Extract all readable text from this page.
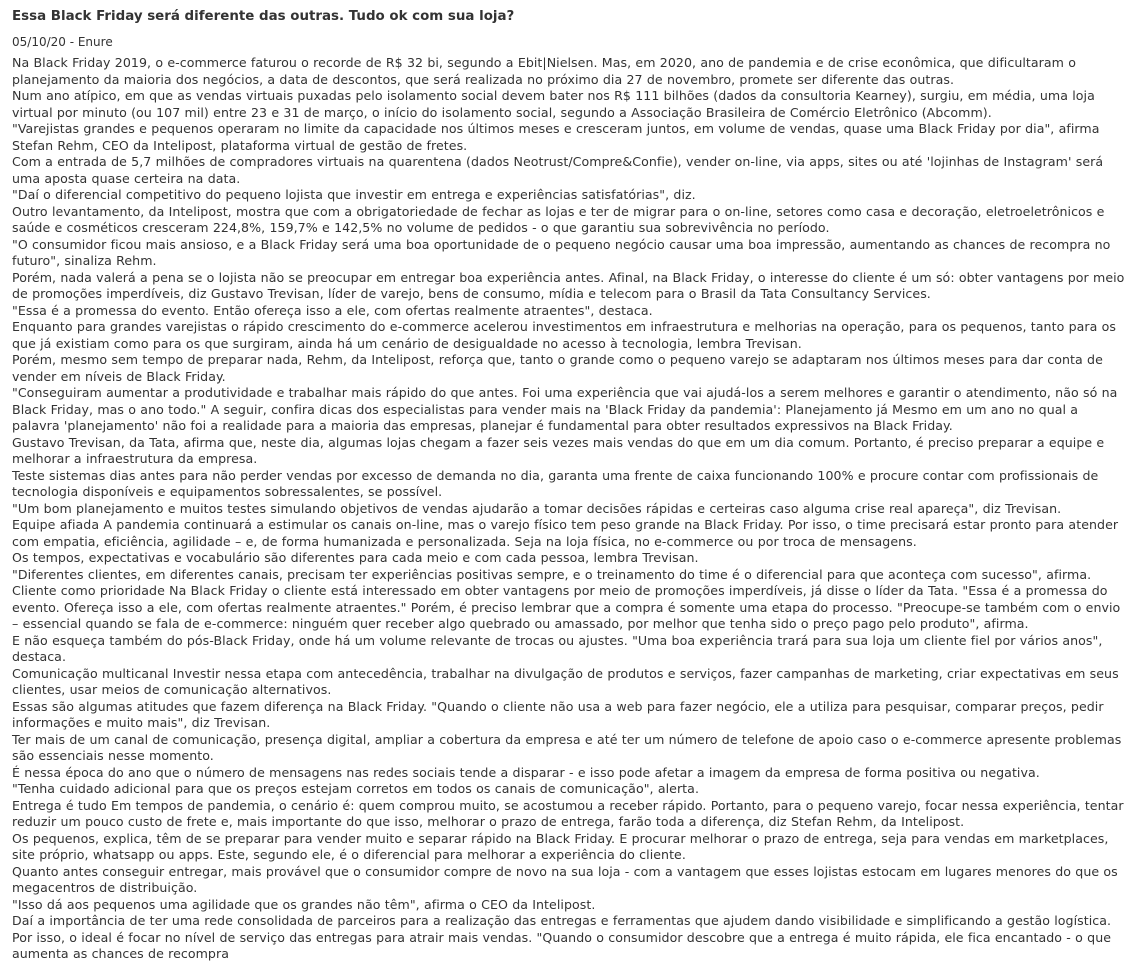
Essa Black Friday será diferente das outras. Tudo ok com sua loja?
05/10/20 - Enure

Na Black Friday 2019, o e-commerce faturou o recorde de R$ 32 bi, segundo a Ebit|Nielsen. Mas, em 2020, ano de pandemia e de crise econômica, que dificultaram o planejamento da maioria dos negócios, a data de descontos, que será realizada no próximo dia 27 de novembro, promete ser diferente das outras.

Num ano atípico, em que as vendas virtuais puxadas pelo isolamento social devem bater nos R$ 111 bilhões (dados da consultoria Kearney), surgiu, em média, uma loja virtual por minuto (ou 107 mil) entre 23 e 31 de março, o início do isolamento social, segundo a Associação Brasileira de Comércio Eletrônico (Abcomm).

"Varejistas grandes e pequenos operaram no limite da capacidade nos últimos meses e cresceram juntos, em volume de vendas, quase uma Black Friday por dia", afirma Stefan Rehm, CEO da Intelipost, plataforma virtual de gestão de fretes.

Com a entrada de 5,7 milhões de compradores virtuais na quarentena (dados Neotrust/Compre&Confie), vender on-line, via apps, sites ou até 'lojinhas de Instagram' será uma aposta quase certeira na data.

"Daí o diferencial competitivo do pequeno lojista que investir em entrega e experiências satisfatórias", diz.

Outro levantamento, da Intelipost, mostra que com a obrigatoriedade de fechar as lojas e ter de migrar para o on-line, setores como casa e decoração, eletroeletrônicos e saúde e cosméticos cresceram 224,8%, 159,7% e 142,5% no volume de pedidos - o que garantiu sua sobrevivência no período.

"O consumidor ficou mais ansioso, e a Black Friday será uma boa oportunidade de o pequeno negócio causar uma boa impressão, aumentando as chances de recompra no futuro", sinaliza Rehm.

Porém, nada valerá a pena se o lojista não se preocupar em entregar boa experiência antes. Afinal, na Black Friday, o interesse do cliente é um só: obter vantagens por meio de promoções imperdíveis, diz Gustavo Trevisan, líder de varejo, bens de consumo, mídia e telecom para o Brasil da Tata Consultancy Services.

"Essa é a promessa do evento. Então ofereça isso a ele, com ofertas realmente atraentes", destaca.

Enquanto para grandes varejistas o rápido crescimento do e-commerce acelerou investimentos em infraestrutura e melhorias na operação, para os pequenos, tanto para os que já existiam como para os que surgiram, ainda há um cenário de desigualdade no acesso à tecnologia, lembra Trevisan.

Porém, mesmo sem tempo de preparar nada, Rehm, da Intelipost, reforça que, tanto o grande como o pequeno varejo se adaptaram nos últimos meses para dar conta de vender em níveis de Black Friday.

"Conseguiram aumentar a produtividade e trabalhar mais rápido do que antes. Foi uma experiência que vai ajudá-los a serem melhores e garantir o atendimento, não só na Black Friday, mas o ano todo." A seguir, confira dicas dos especialistas para vender mais na 'Black Friday da pandemia': Planejamento já Mesmo em um ano no qual a palavra 'planejamento' não foi a realidade para a maioria das empresas, planejar é fundamental para obter resultados expressivos na Black Friday.

Gustavo Trevisan, da Tata, afirma que, neste dia, algumas lojas chegam a fazer seis vezes mais vendas do que em um dia comum. Portanto, é preciso preparar a equipe e melhorar a infraestrutura da empresa.

Teste sistemas dias antes para não perder vendas por excesso de demanda no dia, garanta uma frente de caixa funcionando 100% e procure contar com profissionais de tecnologia disponíveis e equipamentos sobressalentes, se possível.

"Um bom planejamento e muitos testes simulando objetivos de vendas ajudarão a tomar decisões rápidas e certeiras caso alguma crise real apareça", diz Trevisan.

Equipe afiada A pandemia continuará a estimular os canais on-line, mas o varejo físico tem peso grande na Black Friday. Por isso, o time precisará estar pronto para atender com empatia, eficiência, agilidade – e, de forma humanizada e personalizada. Seja na loja física, no e-commerce ou por troca de mensagens.

Os tempos, expectativas e vocabulário são diferentes para cada meio e com cada pessoa, lembra Trevisan.

"Diferentes clientes, em diferentes canais, precisam ter experiências positivas sempre, e o treinamento do time é o diferencial para que aconteça com sucesso", afirma.

Cliente como prioridade Na Black Friday o cliente está interessado em obter vantagens por meio de promoções imperdíveis, já disse o líder da Tata. "Essa é a promessa do evento. Ofereça isso a ele, com ofertas realmente atraentes." Porém, é preciso lembrar que a compra é somente uma etapa do processo. "Preocupe-se também com o envio – essencial quando se fala de e-commerce: ninguém quer receber algo quebrado ou amassado, por melhor que tenha sido o preço pago pelo produto", afirma.

E não esqueça também do pós-Black Friday, onde há um volume relevante de trocas ou ajustes. "Uma boa experiência trará para sua loja um cliente fiel por vários anos", destaca.

Comunicação multicanal Investir nessa etapa com antecedência, trabalhar na divulgação de produtos e serviços, fazer campanhas de marketing, criar expectativas em seus clientes, usar meios de comunicação alternativos.

Essas são algumas atitudes que fazem diferença na Black Friday. "Quando o cliente não usa a web para fazer negócio, ele a utiliza para pesquisar, comparar preços, pedir informações e muito mais", diz Trevisan.

Ter mais de um canal de comunicação, presença digital, ampliar a cobertura da empresa e até ter um número de telefone de apoio caso o e-commerce apresente problemas são essenciais nesse momento.

É nessa época do ano que o número de mensagens nas redes sociais tende a disparar - e isso pode afetar a imagem da empresa de forma positiva ou negativa.

"Tenha cuidado adicional para que os preços estejam corretos em todos os canais de comunicação", alerta.

Entrega é tudo Em tempos de pandemia, o cenário é: quem comprou muito, se acostumou a receber rápido. Portanto, para o pequeno varejo, focar nessa experiência, tentar reduzir um pouco custo de frete e, mais importante do que isso, melhorar o prazo de entrega, farão toda a diferença, diz Stefan Rehm, da Intelipost.

Os pequenos, explica, têm de se preparar para vender muito e separar rápido na Black Friday. E procurar melhorar o prazo de entrega, seja para vendas em marketplaces, site próprio, whatsapp ou apps. Este, segundo ele, é o diferencial para melhorar a experiência do cliente.

Quanto antes conseguir entregar, mais provável que o consumidor compre de novo na sua loja - com a vantagem que esses lojistas estocam em lugares menores do que os megacentros de distribuição.

"Isso dá aos pequenos uma agilidade que os grandes não têm", afirma o CEO da Intelipost.

Daí a importância de ter uma rede consolidada de parceiros para a realização das entregas e ferramentas que ajudem dando visibilidade e simplificando a gestão logística.

Por isso, o ideal é focar no nível de serviço das entregas para atrair mais vendas. "Quando o consumidor descobre que a entrega é muito rápida, ele fica encantado - o que aumenta as chances de recompra
